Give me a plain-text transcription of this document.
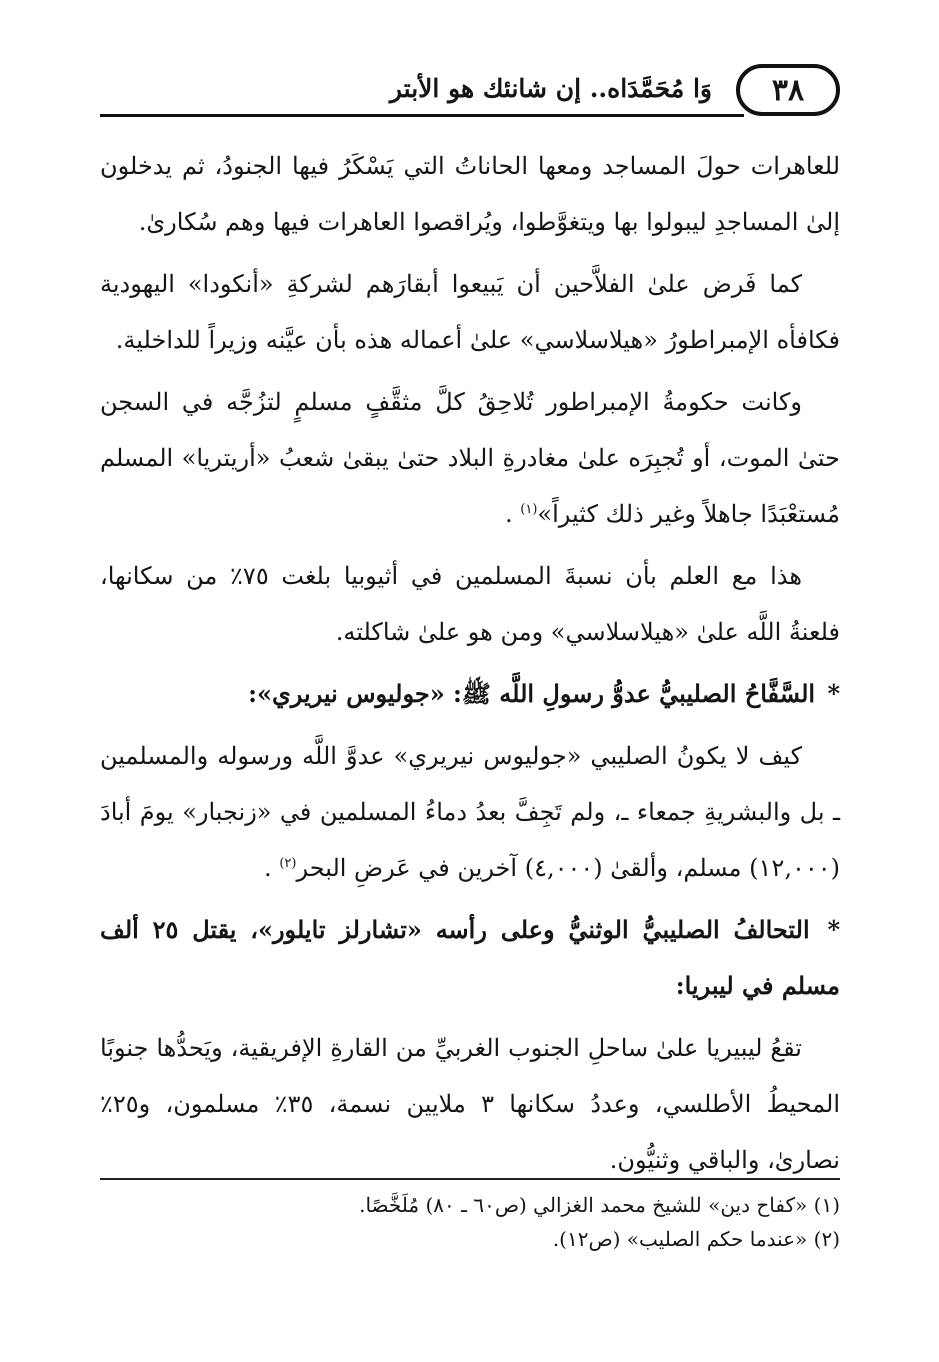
٣٨
وَا مُحَمَّدَاه.. إن شانئك هو الأبتر

للعاهرات حولَ المساجد ومعها الحاناتُ التي يَسْكَرُ فيها الجنودُ، ثم يدخلون إلىٰ المساجدِ ليبولوا بها ويتغوَّطوا، ويُراقصوا العاهرات فيها وهم سُكارىٰ.

كما فَرض علىٰ الفلاَّحين أن يَبيعوا أبقارَهم لشركةِ «أنكودا» اليهودية فكافأه الإمبراطورُ «هيلاسلاسي» علىٰ أعماله هذه بأن عيَّنه وزيراً للداخلية.

وكانت حكومةُ الإمبراطور تُلاحِقُ كلَّ مثقَّفٍ مسلمٍ لتزُجَّه في السجن حتىٰ الموت، أو تُجبِرَه علىٰ مغادرةِ البلاد حتىٰ يبقىٰ شعبُ «أريتريا» المسلم مُستعْبَدًا جاهلاً وغير ذلك كثيراً»$^{(١)}$ .

هذا مع العلم بأن نسبةَ المسلمين في أثيوبيا بلغت ٧٥٪ من سكانها، فلعنةُ اللَّه علىٰ «هيلاسلاسي» ومن هو علىٰ شاكلته.

* السَّفَّاحُ الصليبيُّ عدوُّ رسولِ اللَّه ﷺ: «جوليوس نيريري»:

كيف لا يكونُ الصليبي «جوليوس نيريري» عدوَّ اللَّه ورسوله والمسلمين ـ بل والبشريةِ جمعاء ـ، ولم تَجِفَّ بعدُ دماءُ المسلمين في «زنجبار» يومَ أبادَ (١٢,٠٠٠) مسلم، وألقىٰ (٤,٠٠٠) آخرين في عَرضِ البحر$^{(٢)}$ .

* التحالفُ الصليبيُّ الوثنيُّ وعلى رأسه «تشارلز تايلور»، يقتل ٢٥ ألف مسلم في ليبريا:

تقعُ ليبيريا علىٰ ساحلِ الجنوب الغربيِّ من القارةِ الإفريقية، ويَحدُّها جنوبًا المحيطُ الأطلسي، وعددُ سكانها ٣ ملايين نسمة، ٣٥٪ مسلمون، و٢٥٪ نصارىٰ، والباقي وثنيُّون.

(١) «كفاح دين» للشيخ محمد الغزالي (ص٦٠ ـ ٨٠) مُلَخَّصًا.

(٢) «عندما حكم الصليب» (ص١٢).
